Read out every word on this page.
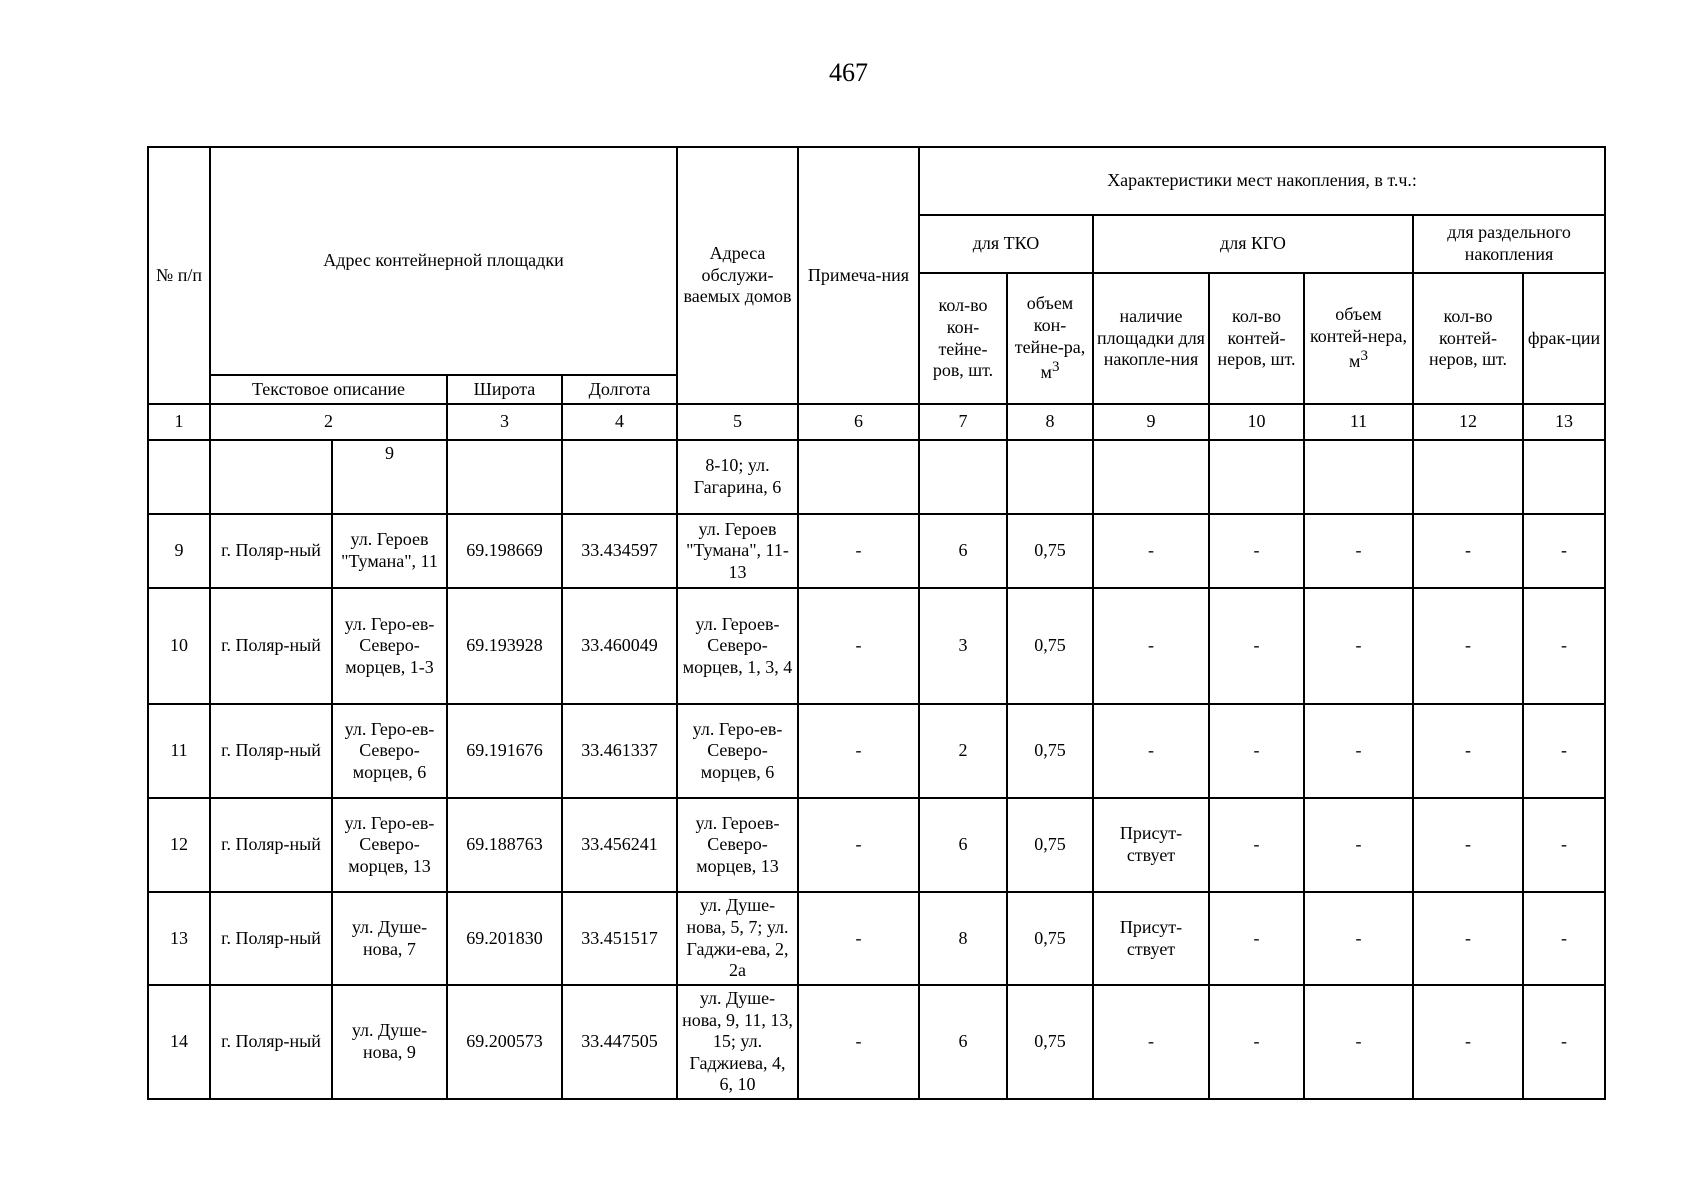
467
№ п/п	Адрес контейнерной площадки				Адреса обслужи-ваемых домов	Примеча-ния	Характеристики мест накопления, в т.ч.:						
							для ТКО		для КГО			для раздельного накопления	
							кол-во кон-тейне-ров, шт.	объем кон-тейне-ра, $м^3$	наличие площадки для накопле-ния	кол-во контей-неров, шт.	объем контей-нера, $м^3$	кол-во контей-неров, шт.	фрак-ции
	Текстовое описание		Широта	Долгота									
1	2		3	4	5	6	7	8	9	10	11	12	13
		9			8-10; ул. Гагарина, 6								
9	г. Поляр-ный	ул. Героев "Тумана", 11	69.198669	33.434597	ул. Героев "Тумана", 11-13	-	6	0,75	-	-	-	-	-
10	г. Поляр-ный	ул. Геро-ев-Северо-морцев, 1-3	69.193928	33.460049	ул. Героев-Северо-морцев, 1, 3, 4	-	3	0,75	-	-	-	-	-
11	г. Поляр-ный	ул. Геро-ев-Северо-морцев, 6	69.191676	33.461337	ул. Геро-ев-Северо-морцев, 6	-	2	0,75	-	-	-	-	-
12	г. Поляр-ный	ул. Геро-ев-Северо-морцев, 13	69.188763	33.456241	ул. Героев-Северо-морцев, 13	-	6	0,75	Присут-ствует	-	-	-	-
13	г. Поляр-ный	ул. Душе-нова, 7	69.201830	33.451517	ул. Душе-нова, 5, 7; ул. Гаджи-ева, 2, 2а	-	8	0,75	Присут-ствует	-	-	-	-
14	г. Поляр-ный	ул. Душе-нова, 9	69.200573	33.447505	ул. Душе-нова, 9, 11, 13, 15; ул. Гаджиева, 4, 6, 10	-	6	0,75	-	-	-	-	-
